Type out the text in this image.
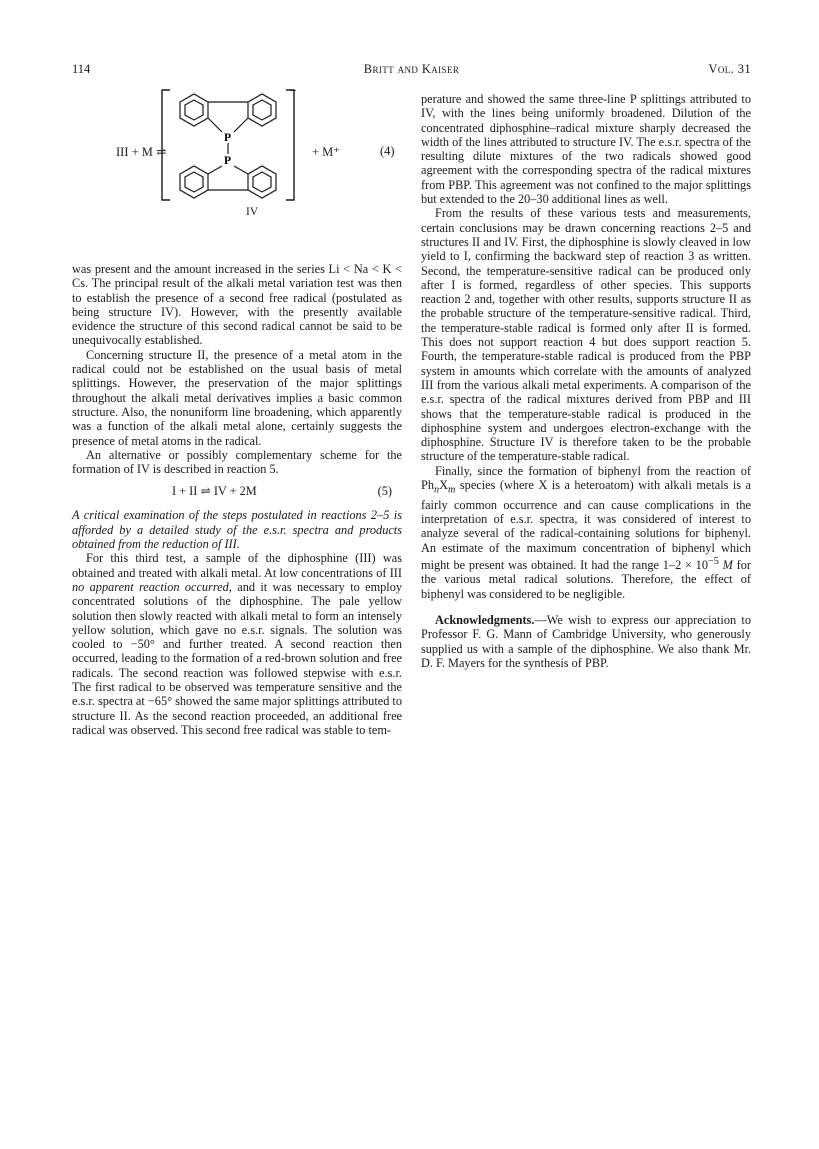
114	Britt and Kaiser	Vol. 31
III + M ⇌
⁻
P
P
+ M⁺	(4)
IV

was present and the amount increased in the series Li < Na < K < Cs. The principal result of the alkali metal variation test was then to establish the presence of a second free radical (postulated as being structure IV). However, with the presently available evidence the structure of this second radical cannot be said to be unequivocally established.

Concerning structure II, the presence of a metal atom in the radical could not be established on the usual basis of metal splittings. However, the preservation of the major splittings throughout the alkali metal derivatives implies a basic common structure. Also, the nonuniform line broadening, which apparently was a function of the alkali metal alone, certainly suggests the presence of metal atoms in the radical.

An alternative or possibly complementary scheme for the formation of IV is described in reaction 5.

I + II ⇌ IV + 2M	(5)

A critical examination of the steps postulated in reactions 2–5 is afforded by a detailed study of the e.s.r. spectra and products obtained from the reduction of III.

For this third test, a sample of the diphosphine (III) was obtained and treated with alkali metal. At low concentrations of III no apparent reaction occurred, and it was necessary to employ concentrated solutions of the diphosphine. The pale yellow solution then slowly reacted with alkali metal to form an intensely yellow solution, which gave no e.s.r. signals. The solution was cooled to −50° and further treated. A second reaction then occurred, leading to the formation of a red-brown solution and free radicals. The second reaction was followed stepwise with e.s.r. The first radical to be observed was temperature sensitive and the e.s.r. spectra at −65° showed the same major splittings attributed to structure II. As the second reaction proceeded, an additional free radical was observed. This second free radical was stable to tem-

perature and showed the same three-line P splittings attributed to IV, with the lines being uniformly broadened. Dilution of the concentrated diphosphine–radical mixture sharply decreased the width of the lines attributed to structure IV. The e.s.r. spectra of the resulting dilute mixtures of the two radicals showed good agreement with the corresponding spectra of the radical mixtures from PBP. This agreement was not confined to the major splittings but extended to the 20–30 additional lines as well.

From the results of these various tests and measurements, certain conclusions may be drawn concerning reactions 2–5 and structures II and IV. First, the diphosphine is slowly cleaved in low yield to I, confirming the backward step of reaction 3 as written. Second, the temperature-sensitive radical can be produced only after I is formed, regardless of other species. This supports reaction 2 and, together with other results, supports structure II as the probable structure of the temperature-sensitive radical. Third, the temperature-stable radical is formed only after II is formed. This does not support reaction 4 but does support reaction 5. Fourth, the temperature-stable radical is produced from the PBP system in amounts which correlate with the amounts of analyzed III from the various alkali metal experiments. A comparison of the e.s.r. spectra of the radical mixtures derived from PBP and III shows that the temperature-stable radical is produced in the diphosphine system and undergoes electron-exchange with the diphosphine. Structure IV is therefore taken to be the probable structure of the temperature-stable radical.

Finally, since the formation of biphenyl from the reaction of $Ph_nX_m$ species (where X is a heteroatom) with alkali metals is a fairly common occurrence and can cause complications in the interpretation of e.s.r. spectra, it was considered of interest to analyze several of the radical-containing solutions for biphenyl. An estimate of the maximum concentration of biphenyl which might be present was obtained. It had the range $1-2 \times 10^{-5}$ M for the various metal radical solutions. Therefore, the effect of biphenyl was considered to be negligible.

Acknowledgments.—We wish to express our appreciation to Professor F. G. Mann of Cambridge University, who generously supplied us with a sample of the diphosphine. We also thank Mr. D. F. Mayers for the synthesis of PBP.
